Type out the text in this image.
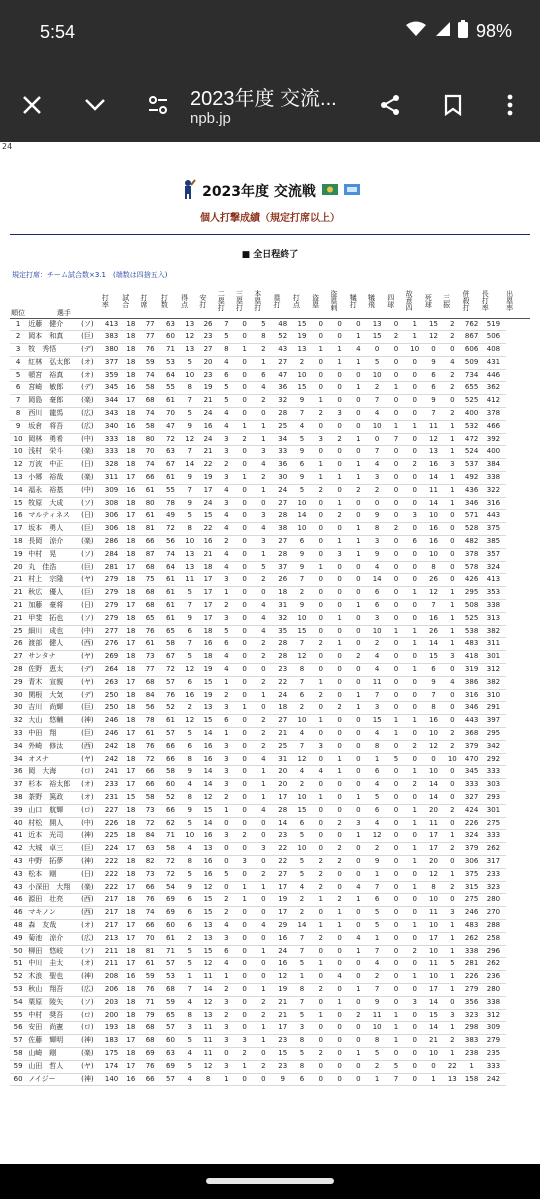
5:54	98%
2023年度 交流...
npb.jp
24
2023年度 交流戦
個人打撃成績（規定打席以上）
■ 全日程終了
規定打席：チーム試合数×3.1　(端数は四捨五入)
順位	選手		打率	試合	打席	打数	得点	安打	二塁打	三塁打	本塁打	塁打	打点	盗塁	盗塁刺	犠打	犠飛	四球	故意四	死球	三振	併殺打	長打率	出塁率
1	近藤　健介	(ソ)	413	18	77	63	13	26	7	0	5	48	15	0	0	0	13	0	1	15	2	762	519	
2	岡本　和真	(巨)	383	18	77	60	12	23	5	0	8	52	19	0	0	1	15	2	1	12	2	867	506	
3	牧　秀悟	(デ)	380	18	76	71	13	27	8	1	2	43	13	1	1	4	0	0	10	0	0	606	408	
4	紅林　弘太郎	(オ)	377	18	59	53	5	20	4	0	1	27	2	0	1	1	5	0	0	9	4	509	431	
5	頓宮　裕真	(オ)	359	18	74	64	10	23	6	0	6	47	10	0	0	0	10	0	0	6	2	734	446	
6	宮崎　敏郎	(デ)	345	16	58	55	8	19	5	0	4	36	15	0	0	1	2	1	0	6	2	655	362	
7	岡島　豪郎	(楽)	344	17	68	61	7	21	5	0	2	32	9	1	0	0	7	0	0	9	0	525	412	
8	西川　龍馬	(広)	343	18	74	70	5	24	4	0	0	28	7	2	3	0	4	0	0	7	2	400	378	
9	坂倉　将吾	(広)	340	16	58	47	9	16	4	1	1	25	4	0	0	0	10	1	1	11	1	532	466	
10	岡林　勇希	(中)	333	18	80	72	12	24	3	2	1	34	5	3	2	1	0	7	0	12	1	472	392	
10	浅村　栄斗	(楽)	333	18	70	63	7	21	3	0	3	33	9	0	0	0	7	0	0	13	1	524	400	
12	万波　中正	(日)	328	18	74	67	14	22	2	0	4	36	6	1	0	1	4	0	2	16	3	537	384	
13	小郷　裕哉	(楽)	311	17	66	61	9	19	3	1	2	30	9	1	1	1	3	0	0	14	1	492	338	
14	福永　裕基	(中)	309	16	61	55	7	17	4	0	1	24	5	2	0	2	2	0	0	11	1	436	322	
15	牧原　大成	(ソ)	308	18	80	78	9	24	3	0	0	27	10	0	1	0	0	0	0	14	1	346	316	
16	マルティネス	(日)	306	17	61	49	5	15	4	0	3	28	14	0	2	0	9	0	3	10	0	571	443	
17	坂本　勇人	(巨)	306	18	81	72	8	22	4	0	4	38	10	0	0	1	8	2	0	16	0	528	375	
18	長岡　涼介	(楽)	286	18	66	56	10	16	2	0	3	27	6	0	1	1	3	0	6	16	0	482	385	
19	中村　晃	(ソ)	284	18	87	74	13	21	4	0	1	28	9	0	3	1	9	0	0	10	0	378	357	
20	丸　佳浩	(巨)	281	17	68	64	13	18	4	0	5	37	9	1	0	0	4	0	0	8	0	578	324	
21	村上　宗隆	(ヤ)	279	18	75	61	11	17	3	0	2	26	7	0	0	0	14	0	0	26	0	426	413	
21	秋広　優人	(巨)	279	18	68	61	5	17	1	0	0	18	2	0	0	0	6	0	1	12	1	295	353	
21	加藤　豪将	(日)	279	17	68	61	7	17	2	0	4	31	9	0	0	1	6	0	0	7	1	508	338	
21	甲斐　拓也	(ソ)	279	18	65	61	9	17	3	0	4	32	10	0	1	0	3	0	0	16	1	525	313	
25	細川　成也	(中)	277	18	76	65	6	18	5	0	4	35	15	0	0	0	10	1	1	26	1	538	382	
26	渡部　健人	(西)	276	17	61	58	7	16	6	0	2	28	7	2	1	0	2	0	1	14	1	483	311	
27	サンタナ	(ヤ)	269	18	73	67	5	18	4	0	2	28	12	0	0	2	4	0	0	15	3	418	301	
28	佐野　恵太	(デ)	264	18	77	72	12	19	4	0	0	23	8	0	0	0	4	0	1	6	0	319	312	
29	青木　宣親	(ヤ)	263	17	68	57	6	15	1	0	2	22	7	1	0	0	11	0	0	9	4	386	382	
30	関根　大気	(デ)	250	18	84	76	16	19	2	0	1	24	6	2	0	1	7	0	0	7	0	316	310	
30	吉川　尚輝	(巨)	250	18	56	52	2	13	3	1	0	18	2	0	2	1	3	0	0	8	0	346	291	
32	大山　悠輔	(神)	246	18	78	61	12	15	6	0	2	27	10	1	0	0	15	1	1	16	0	443	397	
33	中田　翔	(巨)	246	17	61	57	5	14	1	0	2	21	4	0	0	0	4	1	0	10	2	368	295	
34	外崎　修汰	(西)	242	18	76	66	6	16	3	0	2	25	7	3	0	0	8	0	2	12	2	379	342	
34	オスナ	(ヤ)	242	18	72	66	8	16	3	0	4	31	12	0	1	0	1	5	0	0	10	470	292	
36	岡　大海	(ロ)	241	17	66	58	9	14	3	0	1	20	4	4	1	0	6	0	1	10	0	345	333	
37	杉本　裕太郎	(オ)	233	17	66	60	4	14	3	0	1	20	2	0	0	0	4	0	2	14	0	333	303	
38	茶野　篤政	(オ)	231	15	58	52	8	12	2	0	1	17	10	1	0	1	5	0	0	14	0	327	293	
39	山口　航輝	(ロ)	227	18	73	66	9	15	1	0	4	28	15	0	0	0	6	0	1	20	2	424	301	
40	村松　開人	(中)	226	18	72	62	5	14	0	0	0	14	6	0	2	3	4	0	1	11	0	226	275	
41	近本　光司	(神)	225	18	84	71	10	16	3	2	0	23	5	0	0	1	12	0	0	17	1	324	333	
42	大城　卓三	(巨)	224	17	63	58	4	13	0	0	3	22	10	0	2	0	2	0	1	17	2	379	262	
43	中野　拓夢	(神)	222	18	82	72	8	16	0	3	0	22	5	2	2	0	9	0	1	20	0	306	317	
43	松本　剛	(日)	222	18	73	72	5	16	5	0	2	27	5	2	0	0	1	0	0	12	1	375	233	
43	小深田　大翔	(楽)	222	17	66	54	9	12	0	1	1	17	4	2	0	4	7	0	1	8	2	315	323	
46	源田　壮亮	(西)	217	18	76	69	6	15	2	1	0	19	2	1	2	1	6	0	0	10	0	275	280	
46	マキノン	(西)	217	18	74	69	6	15	2	0	0	17	2	0	1	0	5	0	0	11	3	246	270	
48	森　友哉	(オ)	217	17	66	60	6	13	4	0	4	29	14	1	1	0	5	0	1	10	1	483	288	
49	菊池　涼介	(広)	213	17	70	61	2	13	3	0	0	16	7	2	0	4	1	0	0	17	1	262	258	
50	柳田　悠岐	(ソ)	211	18	81	71	5	15	6	0	1	24	7	0	0	1	7	0	2	10	1	338	296	
51	中川　圭太	(オ)	211	17	61	57	5	12	4	0	0	16	5	1	0	0	4	0	0	11	5	281	262	
52	木浪　聖也	(神)	208	16	59	53	1	11	1	0	0	12	1	0	4	0	2	0	1	10	1	226	236	
53	秋山　翔吾	(広)	206	18	76	68	7	14	2	0	1	19	8	2	0	1	7	0	0	17	1	279	280	
54	栗原　陵矢	(ソ)	203	18	71	59	4	12	3	0	2	21	7	0	1	0	9	0	3	14	0	356	338	
55	中村　奨吾	(ロ)	200	18	79	65	8	13	2	0	2	21	5	1	0	2	11	1	0	15	3	323	312	
56	安田　尚憲	(ロ)	193	18	68	57	3	11	3	0	1	17	3	0	0	0	10	1	0	14	1	298	309	
57	佐藤　輝明	(神)	183	17	68	60	5	11	3	3	1	23	8	0	0	0	8	1	0	21	2	383	279	
58	山崎　剛	(楽)	175	18	69	63	4	11	0	2	0	15	5	2	0	1	5	0	0	10	1	238	235	
59	山田　哲人	(ヤ)	174	17	76	69	5	12	3	1	2	23	8	0	0	0	2	5	0	0	22	1	333	
60	ノイジー	(神)	140	16	66	57	4	8	1	0	0	9	6	0	0	0	1	7	0	1	13	158	242	
